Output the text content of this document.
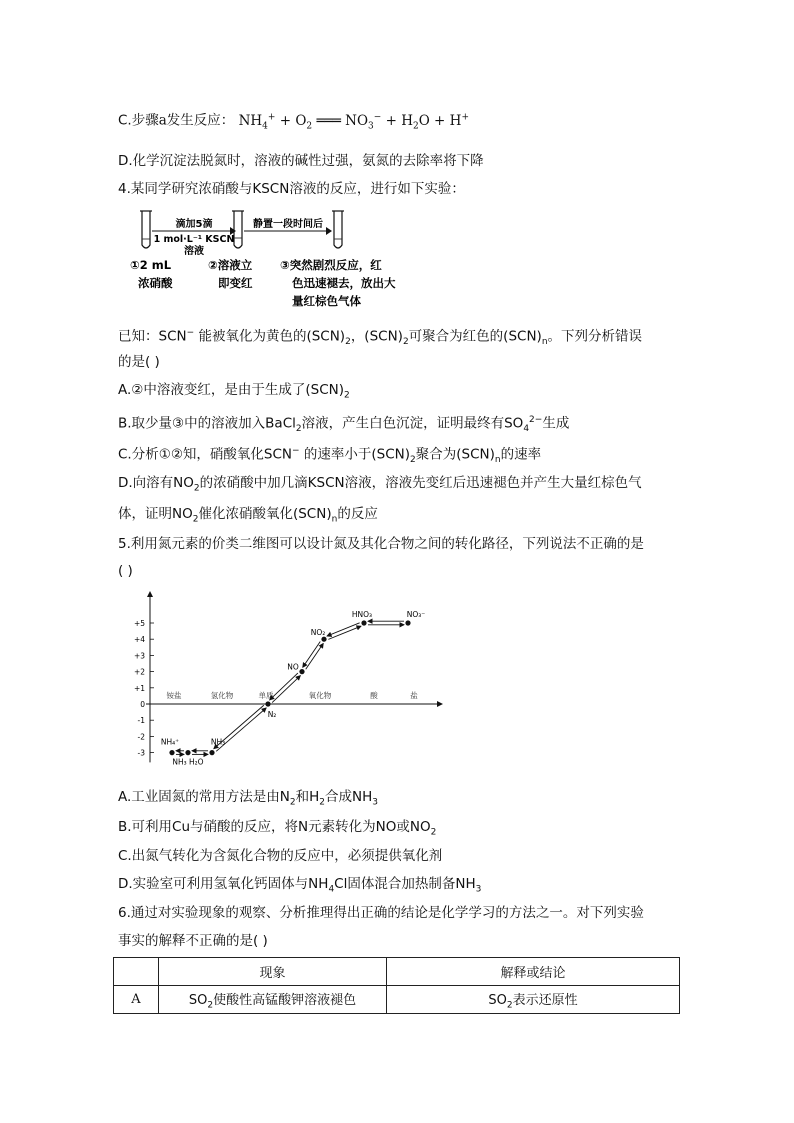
C.步骤a发生反应： $NH_4^+ + O_2$ ═══ $NO_3^- + H_2O + H^+$
D.化学沉淀法脱氮时，溶液的碱性过强，氨氮的去除率将下降
4.某同学研究浓硝酸与KSCN溶液的反应，进行如下实验：
滴加5滴
1 mol·L⁻¹ KSCN
溶液
静置一段时间后
①2 mL
浓硝酸
②溶液立
即变红
③突然剧烈反应，红
色迅速褪去，放出大
量红棕色气体
已知：SCN− 能被氧化为黄色的$(SCN)_2$，$(SCN)_2$可聚合为红色的$(SCN)_n$。下列分析错误
的是( )
A.②中溶液变红，是由于生成了$(SCN)_2$
B.取少量③中的溶液加入BaCl$_2$溶液，产生白色沉淀，证明最终有$SO_4^{2-}$生成
C.分析①②知，硝酸氧化SCN− 的速率小于$(SCN)_2$聚合为$(SCN)_n$的速率
D.向溶有$NO_2$的浓硝酸中加几滴KSCN溶液，溶液先变红后迅速褪色并产生大量红棕色气
体，证明$NO_2$催化浓硝酸氧化$(SCN)_n$的反应
5.利用氮元素的价类二维图可以设计氮及其化合物之间的转化路径，下列说法不正确的是
( )
+5
+4
+3
+2
+1
0
-1
-2
-3
铵盐	氢化物	单质	氧化物	酸	盐
NH₄⁺
NH₃ H₂O
NH₃
N₂
NO
NO₂
HNO₃	NO₃⁻
A.工业固氮的常用方法是由$N_2$和$H_2$合成$NH_3$
B.可利用Cu与硝酸的反应，将N元素转化为NO或$NO_2$
C.出氮气转化为含氮化合物的反应中，必须提供氧化剂
D.实验室可利用氢氧化钙固体与$NH_4Cl$固体混合加热制备$NH_3$
6.通过对实验现象的观察、分析推理得出正确的结论是化学学习的方法之一。对下列实验
事实的解释不正确的是( )
	现象	解释或结论
A	$SO_2$使酸性高锰酸钾溶液褪色	$SO_2$表示还原性
